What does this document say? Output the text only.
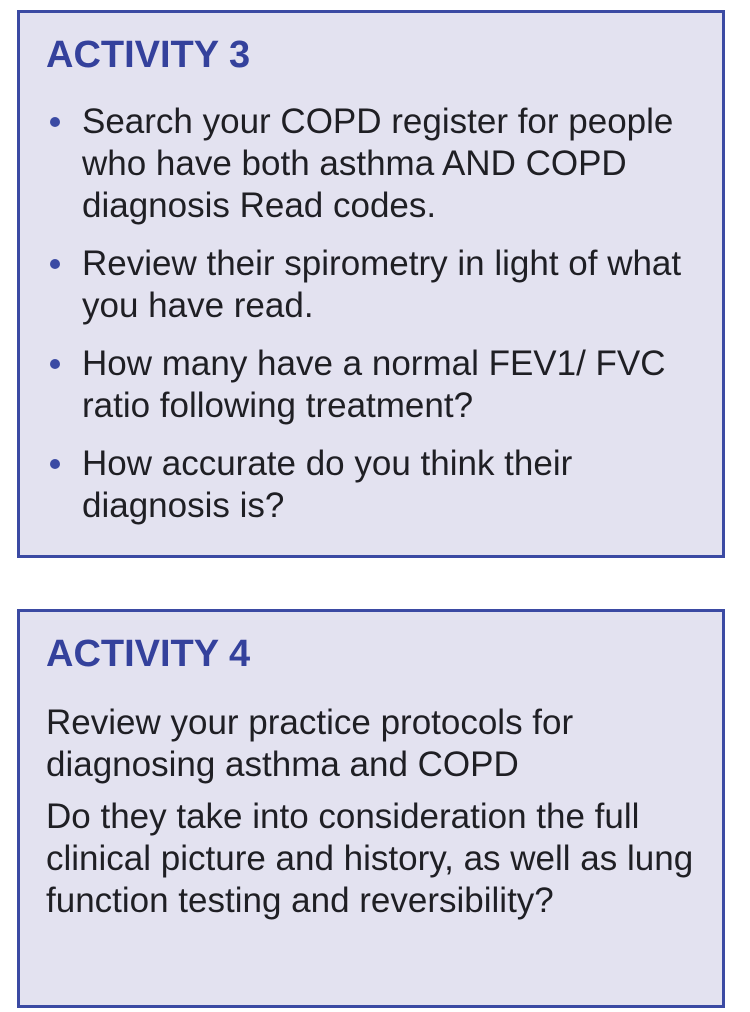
ACTIVITY 3
Search your COPD register for people who have both asthma AND COPD diagnosis Read codes.
Review their spirometry in light of what you have read.
How many have a normal FEV1/ FVC ratio following treatment?
How accurate do you think their diagnosis is?
ACTIVITY 4

Review your practice protocols for diagnosing asthma and COPD

Do they take into consideration the full clinical picture and history, as well as lung function testing and reversibility?
